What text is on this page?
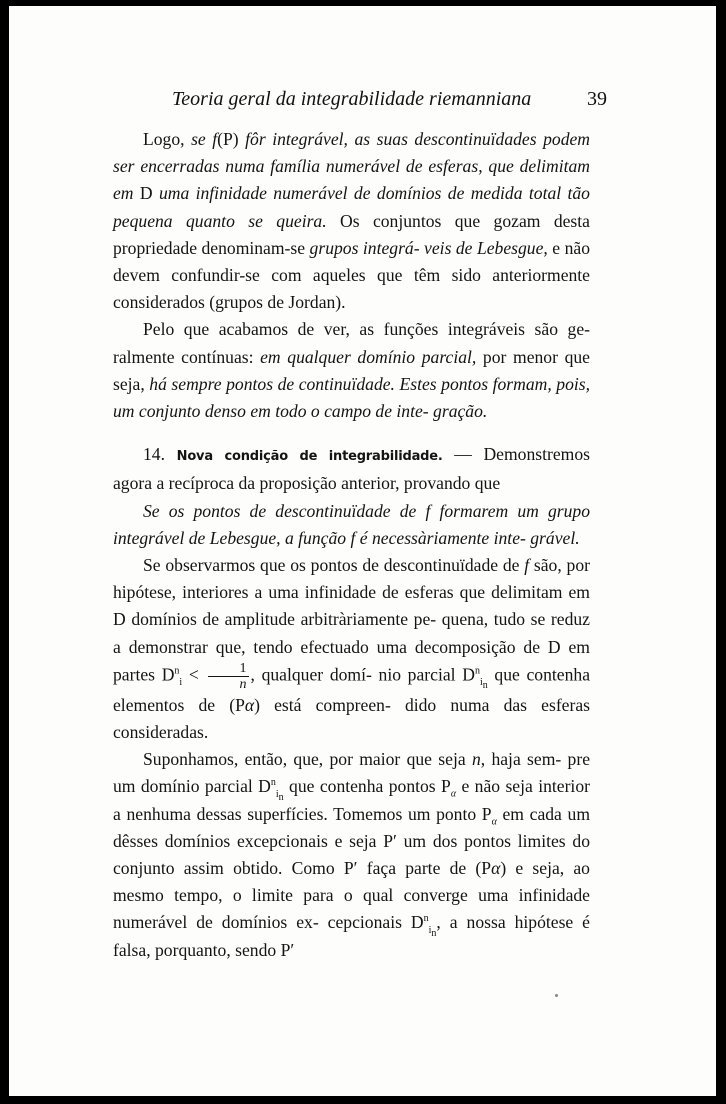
Teoria geral da integrabilidade riemanniana	39

Logo, se f(P) fôr integrável, as suas descontinuïdades podem ser encerradas numa família numerável de esferas, que delimitam em D uma infinidade numerável de domínios de medida total tão pequena quanto se queira. Os conjuntos que gozam desta propriedade denominam-se grupos integrá- veis de Lebesgue, e não devem confundir-se com aqueles que têm sido anteriormente considerados (grupos de Jordan).

Pelo que acabamos de ver, as funções integráveis são ge- ralmente contínuas: em qualquer domínio parcial, por menor que seja, há sempre pontos de continuïdade. Estes pontos formam, pois, um conjunto denso em todo o campo de inte- gração.

14. Nova condição de integrabilidade. — Demonstremos agora a recíproca da proposição anterior, provando que

Se os pontos de descontinuïdade de f formarem um grupo integrável de Lebesgue, a função f é necessàriamente inte- grável.

Se observarmos que os pontos de descontinuïdade de f são, por hipótese, interiores a uma infinidade de esferas que delimitam em D domínios de amplitude arbitràriamente pe- quena, tudo se reduz a demonstrar que, tendo efectuado uma decomposição de D em partes $D^n_i < \frac{1}{n}$ , qualquer domí- nio parcial $D^n_{i_n}$ que contenha elementos de (Pα) está compreen- dido numa das esferas consideradas.

Suponhamos, então, que, por maior que seja n, haja sem- pre um domínio parcial $D^n_{i_n}$ que contenha pontos $P_\alpha$ e não seja interior a nenhuma dessas superfícies. Tomemos um ponto $P_\alpha$ em cada um dêsses domínios excepcionais e seja P′ um dos pontos limites do conjunto assim obtido. Como P′ faça parte de (Pα) e seja, ao mesmo tempo, o limite para o qual converge uma infinidade numerável de domínios ex- cepcionais $D^n_{i_n}$, a nossa hipótese é falsa, porquanto, sendo P′
